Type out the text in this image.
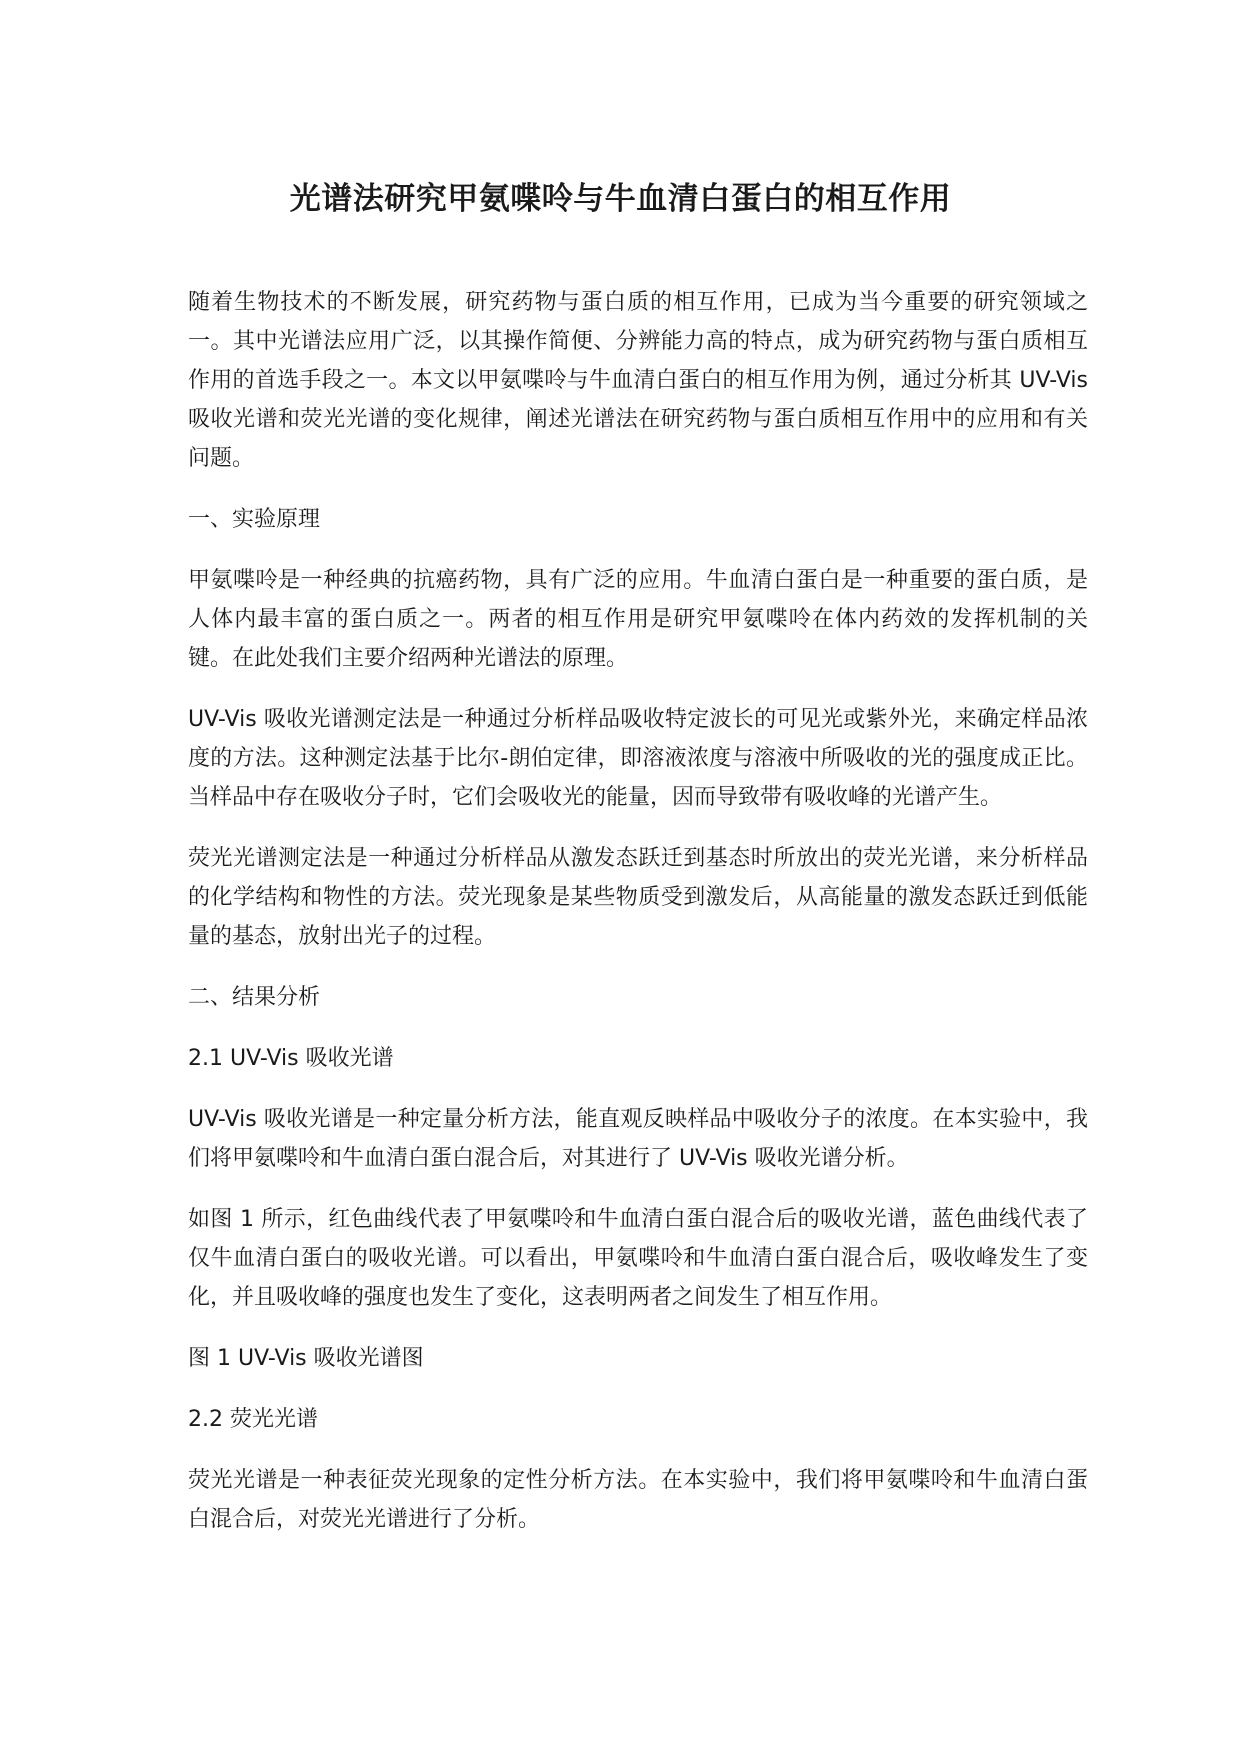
光谱法研究甲氨喋呤与牛血清白蛋白的相互作用

随着生物技术的不断发展，研究药物与蛋白质的相互作用，已成为当今重要的研究领域之一。其中光谱法应用广泛，以其操作简便、分辨能力高的特点，成为研究药物与蛋白质相互作用的首选手段之一。本文以甲氨喋呤与牛血清白蛋白的相互作用为例，通过分析其 UV-Vis 吸收光谱和荧光光谱的变化规律，阐述光谱法在研究药物与蛋白质相互作用中的应用和有关问题。

一、实验原理

甲氨喋呤是一种经典的抗癌药物，具有广泛的应用。牛血清白蛋白是一种重要的蛋白质，是人体内最丰富的蛋白质之一。两者的相互作用是研究甲氨喋呤在体内药效的发挥机制的关键。在此处我们主要介绍两种光谱法的原理。

UV-Vis 吸收光谱测定法是一种通过分析样品吸收特定波长的可见光或紫外光，来确定样品浓度的方法。这种测定法基于比尔-朗伯定律，即溶液浓度与溶液中所吸收的光的强度成正比。当样品中存在吸收分子时，它们会吸收光的能量，因而导致带有吸收峰的光谱产生。

荧光光谱测定法是一种通过分析样品从激发态跃迁到基态时所放出的荧光光谱，来分析样品的化学结构和物性的方法。荧光现象是某些物质受到激发后，从高能量的激发态跃迁到低能量的基态，放射出光子的过程。

二、结果分析

2.1 UV-Vis 吸收光谱

UV-Vis 吸收光谱是一种定量分析方法，能直观反映样品中吸收分子的浓度。在本实验中，我们将甲氨喋呤和牛血清白蛋白混合后，对其进行了 UV-Vis 吸收光谱分析。

如图 1 所示，红色曲线代表了甲氨喋呤和牛血清白蛋白混合后的吸收光谱，蓝色曲线代表了仅牛血清白蛋白的吸收光谱。可以看出，甲氨喋呤和牛血清白蛋白混合后，吸收峰发生了变化，并且吸收峰的强度也发生了变化，这表明两者之间发生了相互作用。

图 1 UV-Vis 吸收光谱图

2.2 荧光光谱

荧光光谱是一种表征荧光现象的定性分析方法。在本实验中，我们将甲氨喋呤和牛血清白蛋白混合后，对荧光光谱进行了分析。
